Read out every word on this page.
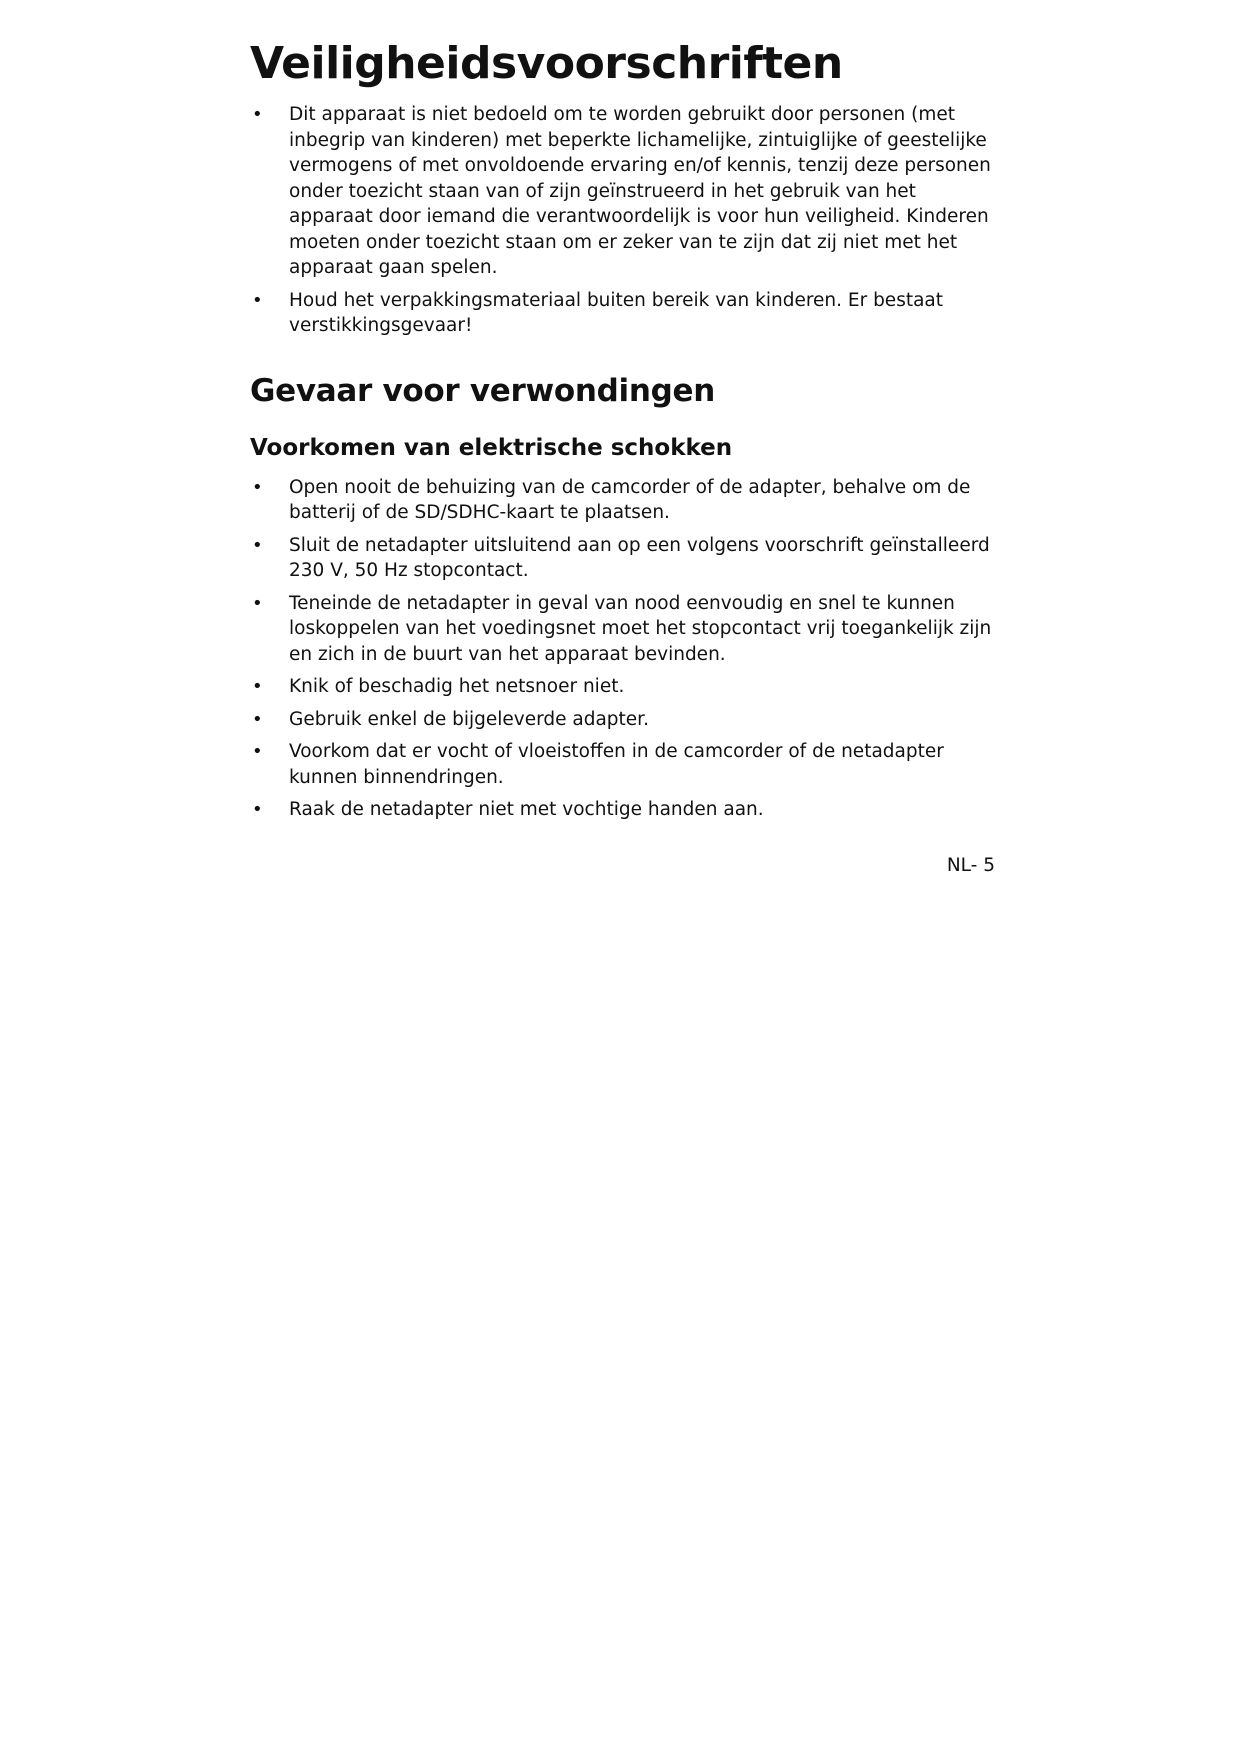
Veiligheidsvoorschriften
• Dit apparaat is niet bedoeld om te worden gebruikt door personen (met inbegrip van kinderen) met beperkte lichamelijke, zintuiglijke of geestelijke vermogens of met onvoldoende ervaring en/of kennis, tenzij deze personen onder toezicht staan van of zijn geïnstrueerd in het gebruik van het apparaat door iemand die verantwoordelijk is voor hun veiligheid. Kinderen moeten onder toezicht staan om er zeker van te zijn dat zij niet met het apparaat gaan spelen.
• Houd het verpakkingsmateriaal buiten bereik van kinderen. Er bestaat verstikkingsgevaar!
Gevaar voor verwondingen
Voorkomen van elektrische schokken
• Open nooit de behuizing van de camcorder of de adapter, behalve om de batterij of de SD/SDHC-kaart te plaatsen.
• Sluit de netadapter uitsluitend aan op een volgens voorschrift geïnstalleerd 230 V, 50 Hz stopcontact.
• Teneinde de netadapter in geval van nood eenvoudig en snel te kunnen loskoppelen van het voedingsnet moet het stopcontact vrij toegankelijk zijn en zich in de buurt van het apparaat bevinden.
• Knik of beschadig het netsnoer niet.
• Gebruik enkel de bijgeleverde adapter.
• Voorkom dat er vocht of vloeistoffen in de camcorder of de netadapter kunnen binnendringen.
• Raak de netadapter niet met vochtige handen aan.
NL- 5
